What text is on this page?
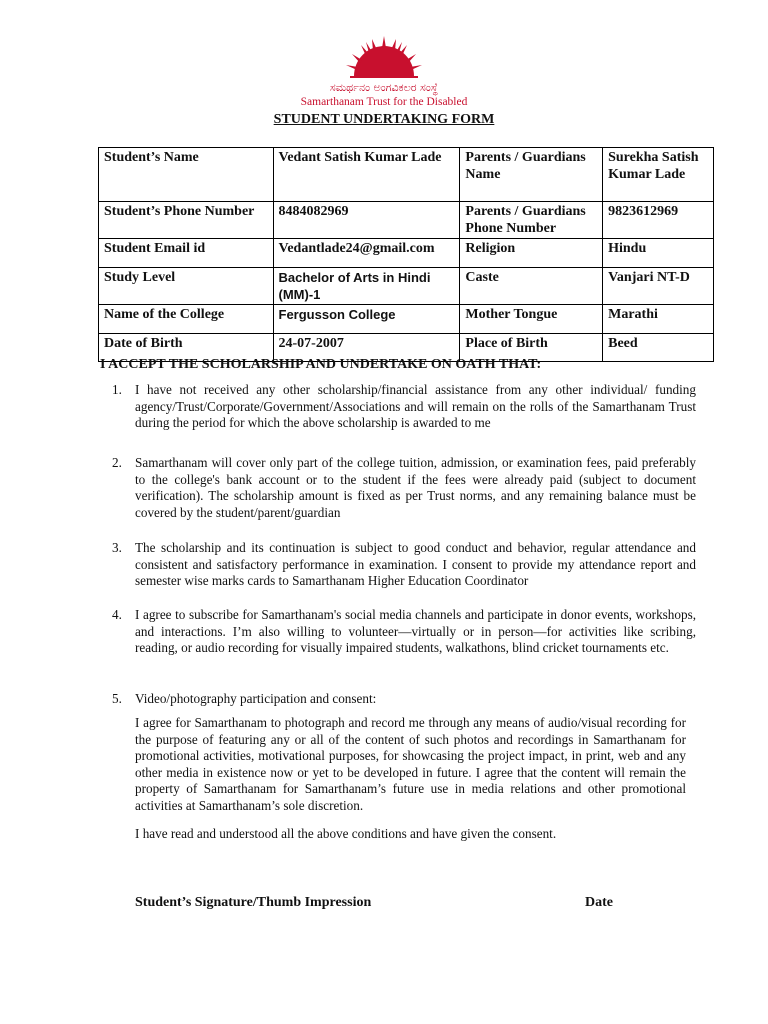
ಸಮರ್ಥನಂ ಅಂಗವಿಕಲರ ಸಂಸ್ಥೆ
Samarthanam Trust for the Disabled
STUDENT UNDERTAKING FORM
Student’s Name	Vedant Satish Kumar Lade	Parents / Guardians Name	Surekha Satish Kumar Lade
Student’s Phone Number	8484082969	Parents / Guardians Phone Number	9823612969
Student Email id	Vedantlade24@gmail.com	Religion	Hindu
Study Level	Bachelor of Arts in Hindi (MM)-1	Caste	Vanjari NT-D
Name of the College	Fergusson College	Mother Tongue	Marathi
Date of Birth	24-07-2007	Place of Birth	Beed
I ACCEPT THE SCHOLARSHIP AND UNDERTAKE ON OATH THAT:
1. I have not received any other scholarship/financial assistance from any other individual/ funding agency/Trust/Corporate/Government/Associations and will remain on the rolls of the Samarthanam Trust during the period for which the above scholarship is awarded to me
2. Samarthanam will cover only part of the college tuition, admission, or examination fees, paid preferably to the college's bank account or to the student if the fees were already paid (subject to document verification). The scholarship amount is fixed as per Trust norms, and any remaining balance must be covered by the student/parent/guardian
3. The scholarship and its continuation is subject to good conduct and behavior, regular attendance and consistent and satisfactory performance in examination. I consent to provide my attendance report and semester wise marks cards to Samarthanam Higher Education Coordinator
4. I agree to subscribe for Samarthanam's social media channels and participate in donor events, workshops, and interactions. I’m also willing to volunteer—virtually or in person—for activities like scribing, reading, or audio recording for visually impaired students, walkathons, blind cricket tournaments etc.
5. Video/photography participation and consent:
I agree for Samarthanam to photograph and record me through any means of audio/visual recording for the purpose of featuring any or all of the content of such photos and recordings in Samarthanam for promotional activities, motivational purposes, for showcasing the project impact, in print, web and any other media in existence now or yet to be developed in future. I agree that the content will remain the property of Samarthanam for Samarthanam’s future use in media relations and other promotional activities at Samarthanam’s sole discretion.
I have read and understood all the above conditions and have given the consent.
Student’s Signature/Thumb Impression	Date
